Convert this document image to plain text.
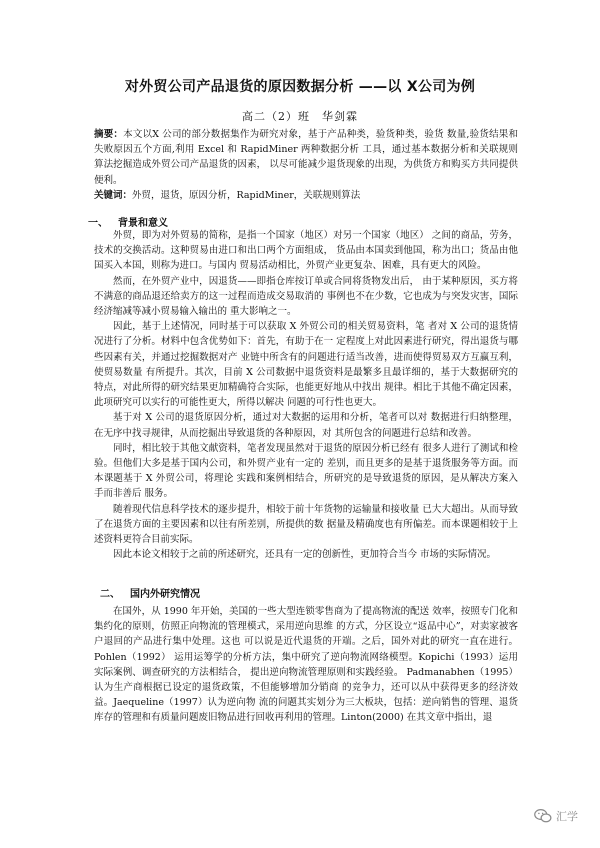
对外贸公司产品退货的原因数据分析 ——以 X公司为例
高二（2）班　华剑霖
摘要：本文以X 公司的部分数据集作为研究对象，基于产品种类，验货种类，验货 数量,验货结果和失败原因五个方面,利用 Excel 和 RapidMiner 两种数据分析 工具，通过基本数据分析和关联规则算法挖掘造成外贸公司产品退货的因素， 以尽可能减少退货现象的出现，为供货方和购买方共同提供便利。
关键词：外贸，退货，原因分析，RapidMiner，关联规则算法
一、 背景和意义

外贸，即为对外贸易的简称，是指一个国家（地区）对另一个国家（地区） 之间的商品，劳务，技术的交换活动。这种贸易由进口和出口两个方面组成， 货品由本国卖到他国，称为出口；货品由他国买入本国，则称为进口。与国内 贸易活动相比，外贸产业更复杂、困难，具有更大的风险。

然而，在外贸产业中，因退货——即指仓库按订单或合同将货物发出后， 由于某种原因，买方将不满意的商品退还给卖方的这一过程而造成交易取消的 事例也不在少数，它也成为与突发灾害，国际经济缩减等减小贸易输入输出的 重大影响之一。

因此，基于上述情况，同时基于可以获取 X 外贸公司的相关贸易资料，笔 者对 X 公司的退货情况进行了分析。材料中包含优势如下：首先，有助于在一 定程度上对此因素进行研究，得出退货与哪些因素有关，并通过挖掘数据对产 业链中所含有的问题进行适当改善，进而使得贸易双方互赢互利，使贸易数量 有所提升。其次，目前 X 公司数据中退货资料是最繁多且最详细的，基于大数据研究的特点，对此所得的研究结果更加精确符合实际，也能更好地从中找出 规律。相比于其他不确定因素，此项研究可以实行的可能性更大，所得以解决 问题的可行性也更大。

基于对 X 公司的退货原因分析，通过对大数据的运用和分析，笔者可以对 数据进行归纳整理，在无序中找寻规律，从而挖掘出导致退货的各种原因，对 其所包含的问题进行总结和改善。

同时，相比较于其他文献资料，笔者发现虽然对于退货的原因分析已经有 很多人进行了测试和检验。但他们大多是基于国内公司，和外贸产业有一定的 差别，而且更多的是基于退货服务等方面。而本课题基于 X 外贸公司，将理论 实践和案例相结合，所研究的是导致退货的原因，是从解决方案入手而非善后 服务。

随着现代信息科学技术的逐步提升，相较于前十年货物的运输量和接收量 已大大超出。从而导致了在退货方面的主要因素和以往有所差别，所提供的数 据量及精确度也有所偏差。而本课题相较于上述资料更符合目前实际。

因此本论文相较于之前的所述研究，还具有一定的创新性，更加符合当今 市场的实际情况。

二、 国内外研究情况

在国外，从 1990 年开始，美国的一些大型连锁零售商为了提高物流的配送 效率，按照专门化和集约化的原则，仿照正向物流的管理模式，采用逆向思维 的方式，分区设立“返品中心”，对卖家被客户退回的产品进行集中处理。这也 可以说是近代退货的开端。之后，国外对此的研究一直在进行。Pohlen（1992） 运用运筹学的分析方法，集中研究了逆向物流网络模型。Kopichi（1993）运用 实际案例、调查研究的方法相结合， 提出逆向物流管理原则和实践经验。 Padmanabhen（1995）认为生产商根据已设定的退货政策，不但能够增加分销商 的竞争力，还可以从中获得更多的经济效益。Jaequeline（1997）认为逆向物 流的问题其实划分为三大板块，包括：逆向销售的管理、退货库存的管理和有质量问题废旧物品进行回收再利用的管理。Linton(2000) 在其文章中指出，退

汇学
